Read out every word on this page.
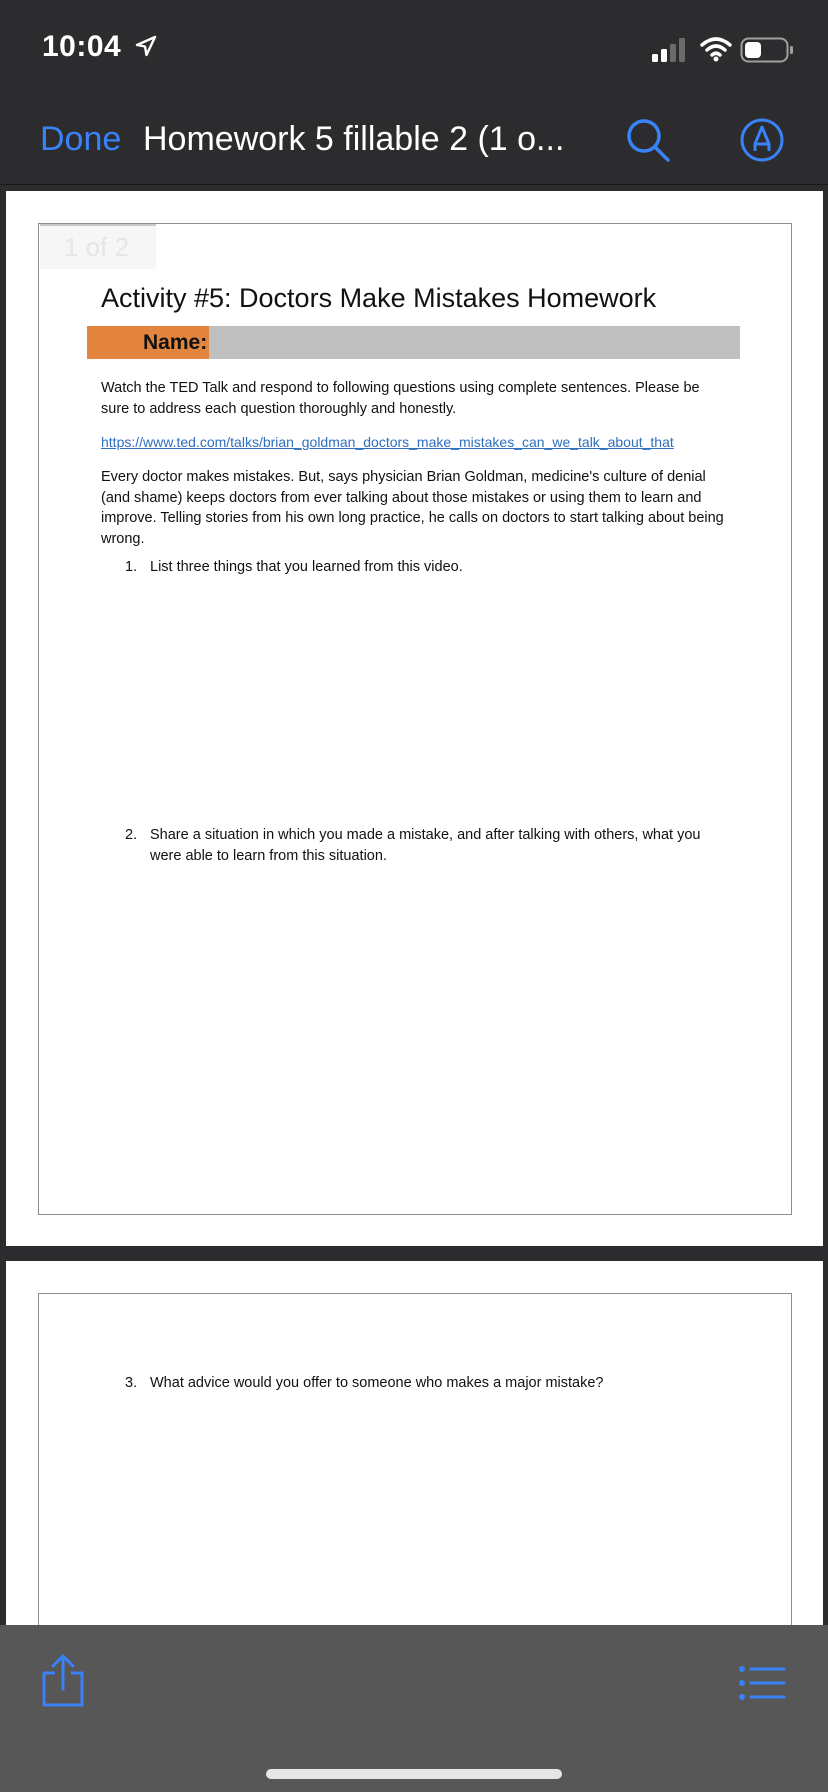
10:04
Done Homework 5 fillable 2 (1 o...
1 of 2
Activity #5: Doctors Make Mistakes Homework
Name:
Watch the TED Talk and respond to following questions using complete sentences. Please be sure to address each question thoroughly and honestly.
https://www.ted.com/talks/brian_goldman_doctors_make_mistakes_can_we_talk_about_that
Every doctor makes mistakes. But, says physician Brian Goldman, medicine's culture of denial (and shame) keeps doctors from ever talking about those mistakes or using them to learn and improve. Telling stories from his own long practice, he calls on doctors to start talking about being wrong.
1. List three things that you learned from this video.
2. Share a situation in which you made a mistake, and after talking with others, what you were able to learn from this situation.
3. What advice would you offer to someone who makes a major mistake?
